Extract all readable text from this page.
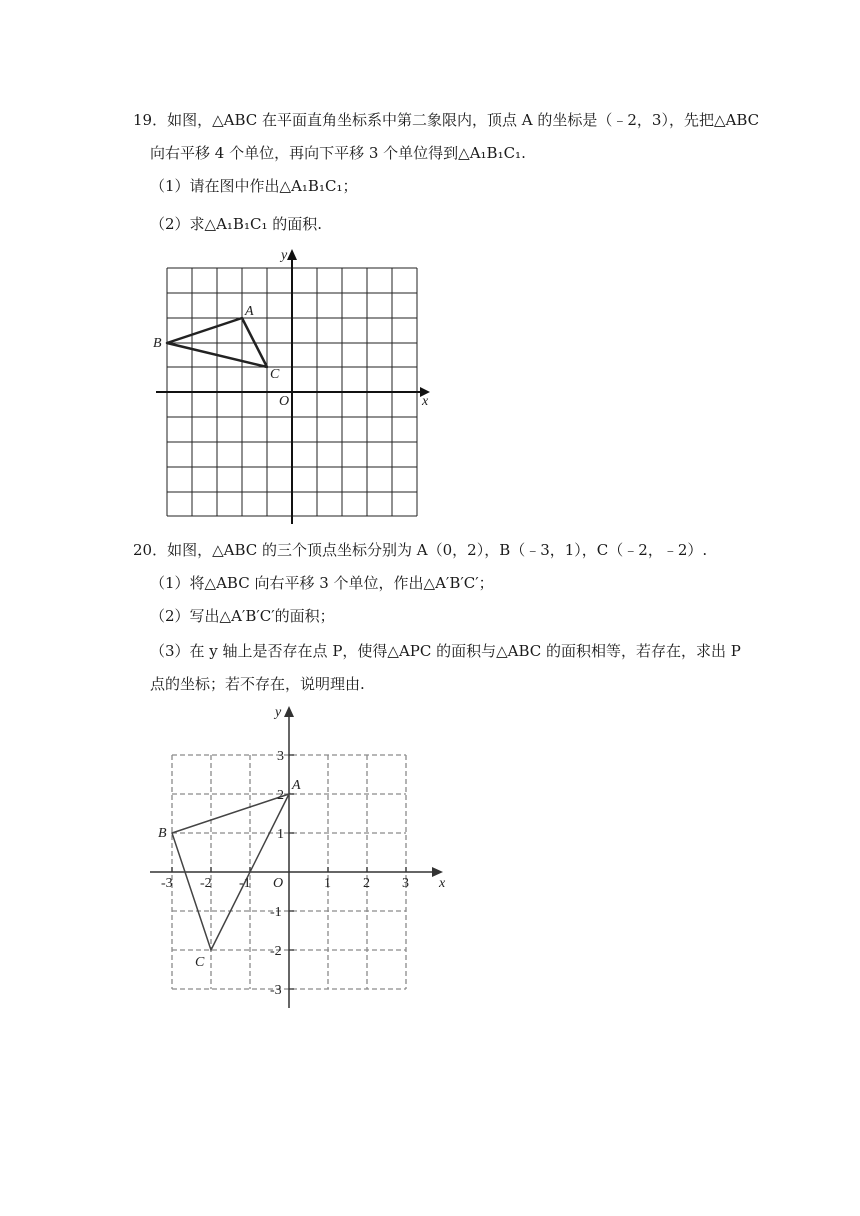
19．如图，△ABC 在平面直角坐标系中第二象限内，顶点 A 的坐标是（﹣2，3），先把△ABC
向右平移 4 个单位，再向下平移 3 个单位得到△A₁B₁C₁.
（1）请在图中作出△A₁B₁C₁；
（2）求△A₁B₁C₁ 的面积.
y
x
O
A
B
C
20．如图，△ABC 的三个顶点坐标分别为 A（0，2），B（﹣3，1），C（﹣2，﹣2）.
（1）将△ABC 向右平移 3 个单位，作出△A′B′C′；
（2）写出△A′B′C′的面积；
（3）在 y 轴上是否存在点 P，使得△APC 的面积与△ABC 的面积相等，若存在，求出 P
点的坐标；若不存在，说明理由.
-3 -2 -1 O	1 2 3 x
3
2
1
-1
-2
-3
y
A
B
C
